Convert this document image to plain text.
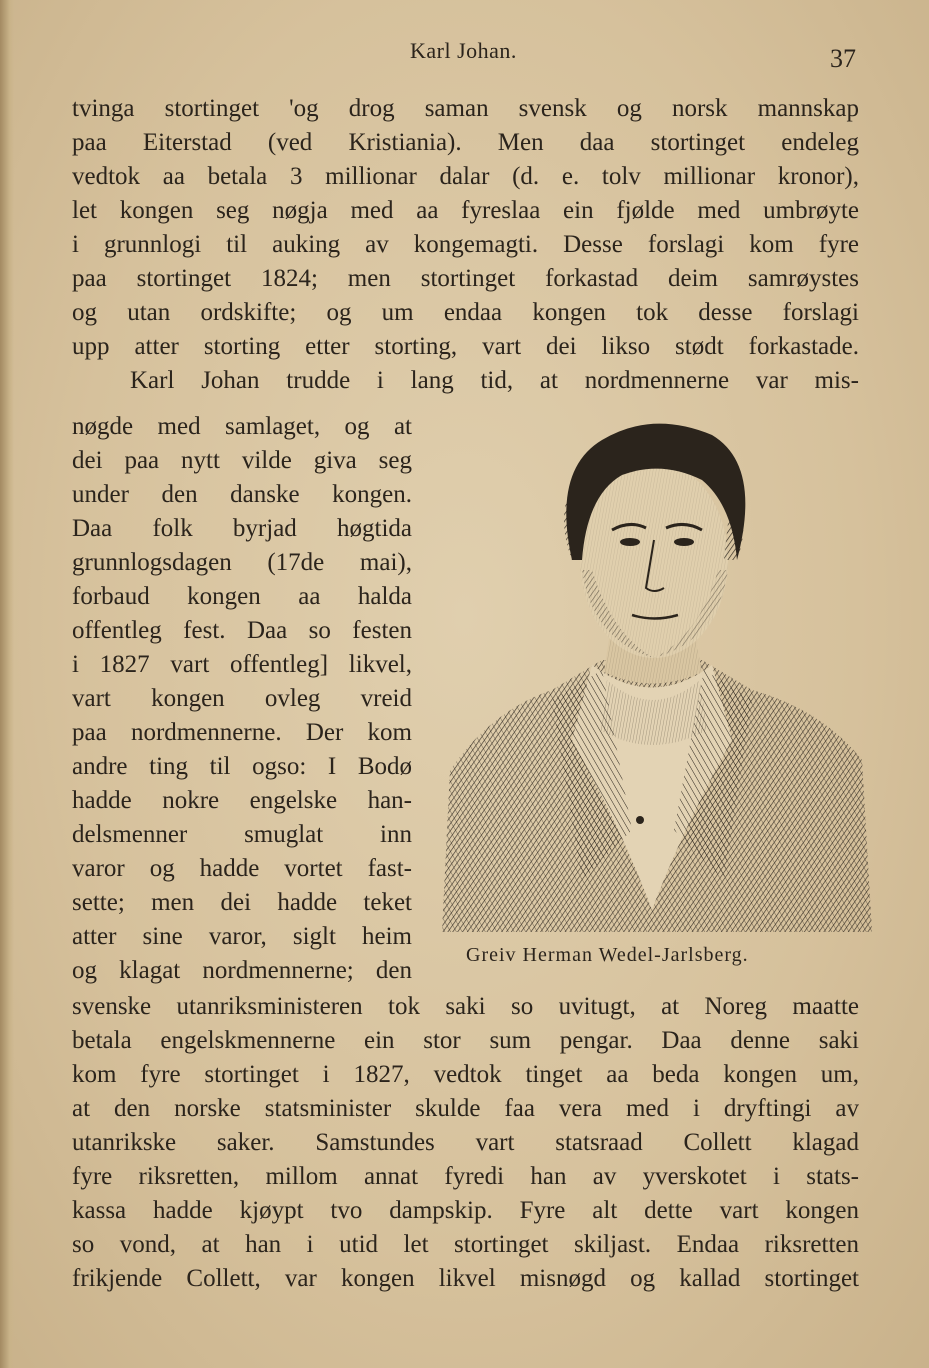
Karl Johan.	37
tvinga stortinget 'og drog saman svensk og norsk mannskap
paa Eiterstad (ved Kristiania). Men daa stortinget endeleg
vedtok aa betala 3 millionar dalar (d. e. tolv millionar kronor),
let kongen seg nøgja med aa fyreslaa ein fjølde med umbrøyte
i grunnlogi til auking av kongemagti. Desse forslagi kom fyre
paa stortinget 1824; men stortinget forkastad deim samrøystes
og utan ordskifte; og um endaa kongen tok desse forslagi
upp atter storting etter storting, vart dei likso stødt forkastade.
Karl Johan trudde i lang tid, at nordmennerne var mis-
nøgde med samlaget, og at
dei paa nytt vilde giva seg
under den danske kongen.
Daa folk byrjad høgtida
grunnlogsdagen (17de mai),
forbaud kongen aa halda
offentleg fest. Daa so festen
i 1827 vart offentleg] likvel,
vart kongen ovleg vreid
paa nordmennerne. Der kom
andre ting til ogso: I Bodø
hadde nokre engelske han-
delsmenner smuglat inn
varor og hadde vortet fast-
sette; men dei hadde teket
atter sine varor, siglt heim
og klagat nordmennerne; den
svenske utanriksministeren tok saki so uvitugt, at Noreg maatte
betala engelskmennerne ein stor sum pengar. Daa denne saki
kom fyre stortinget i 1827, vedtok tinget aa beda kongen um,
at den norske statsminister skulde faa vera med i dryftingi av
utanrikske saker. Samstundes vart statsraad Collett klagad
fyre riksretten, millom annat fyredi han av yverskotet i stats-
kassa hadde kjøypt tvo dampskip. Fyre alt dette vart kongen
so vond, at han i utid let stortinget skiljast. Endaa riksretten
frikjende Collett, var kongen likvel misnøgd og kallad stortinget
Greiv Herman Wedel-Jarlsberg.
